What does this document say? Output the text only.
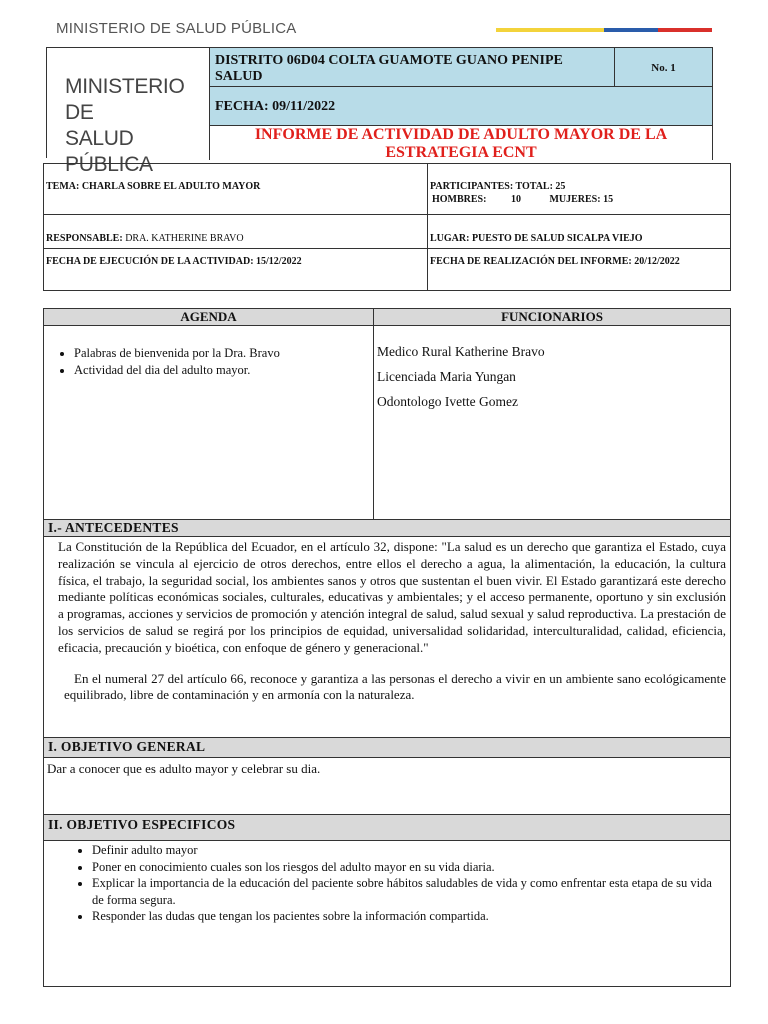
MINISTERIO DE SALUD PÚBLICA
MINISTERIO DE
SALUD PÚBLICA
DISTRITO 06D04 COLTA GUAMOTE GUANO PENIPE SALUD
No. 1
FECHA: 09/11/2022
INFORME DE ACTIVIDAD DE ADULTO MAYOR DE LA ESTRATEGIA ECNT
TEMA: CHARLA SOBRE EL ADULTO MAYOR	PARTICIPANTES: TOTAL: 25
HOMBRES: 10	MUJERES: 15
RESPONSABLE: DRA. KATHERINE BRAVO	LUGAR: PUESTO DE SALUD SICALPA VIEJO
FECHA DE EJECUCIÓN DE LA ACTIVIDAD: 15/12/2022	FECHA DE REALIZACIÓN DEL INFORME: 20/12/2022
AGENDA	FUNCIONARIOS
• Palabras de bienvenida por la Dra. Bravo
• Actividad del dia del adulto mayor.
Medico Rural Katherine Bravo
Licenciada Maria Yungan
Odontologo Ivette Gomez
I.- ANTECEDENTES

La Constitución de la República del Ecuador, en el artículo 32, dispone: "La salud es un derecho que garantiza el Estado, cuya realización se vincula al ejercicio de otros derechos, entre ellos el derecho a agua, la alimentación, la educación, la cultura física, el trabajo, la seguridad social, los ambientes sanos y otros que sustentan el buen vivir. El Estado garantizará este derecho mediante políticas económicas sociales, culturales, educativas y ambientales; y el acceso permanente, oportuno y sin exclusión a programas, acciones y servicios de promoción y atención integral de salud, salud sexual y salud reproductiva. La prestación de los servicios de salud se regirá por los principios de equidad, universalidad solidaridad, interculturalidad, calidad, eficiencia, eficacia, precaución y bioética, con enfoque de género y generacional."

En el numeral 27 del artículo 66, reconoce y garantiza a las personas el derecho a vivir en un ambiente sano ecológicamente equilibrado, libre de contaminación y en armonía con la naturaleza.

I. OBJETIVO GENERAL
Dar a conocer que es adulto mayor y celebrar su dia.
II. OBJETIVO ESPECIFICOS
• Definir adulto mayor
• Poner en conocimiento cuales son los riesgos del adulto mayor en su vida diaria.
• Explicar la importancia de la educación del paciente sobre hábitos saludables de vida y como enfrentar esta etapa de su vida de forma segura.
• Responder las dudas que tengan los pacientes sobre la información compartida.
